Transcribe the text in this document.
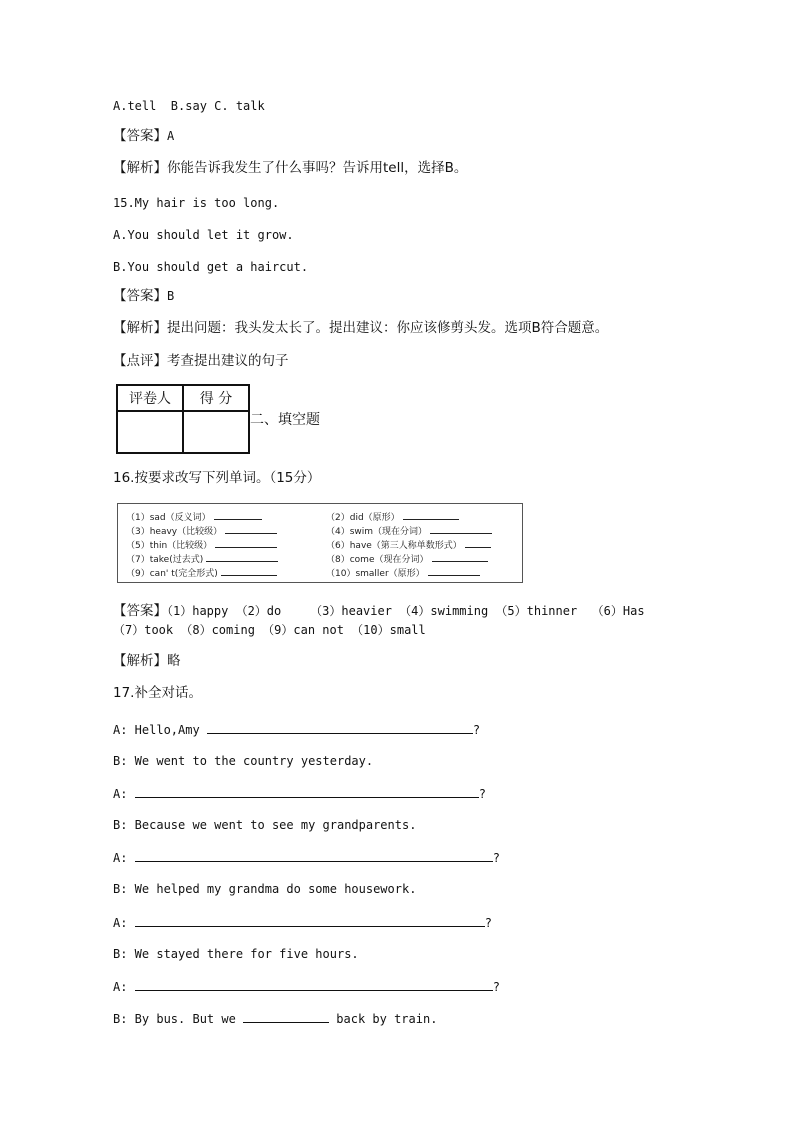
A.tell  B.say C. talk
【答案】A
【解析】你能告诉我发生了什么事吗？告诉用tell，选择B。
15.My hair is too long.
A.You should let it grow.
B.You should get a haircut.
【答案】B
【解析】提出问题：我头发太长了。提出建议：你应该修剪头发。选项B符合题意。
【点评】考查提出建议的句子
评卷人	得 分

二、填空题
16.按要求改写下列单词。（15分）
（1）sad（反义词）	（2）did（原形）
（3）heavy（比较级）	（4）swim（现在分词）
（5）thin（比较级）	（6）have（第三人称单数形式）
（7）take(过去式)	（8）come（现在分词）
（9）can' t(完全形式)	（10）smaller（原形）
【答案】（1）happy （2）do    （3）heavier （4）swimming （5）thinner  （6）Has
（7）took （8）coming （9）can not （10）small
【解析】略
17.补全对话。
A: Hello,Amy	?
B: We went to the country yesterday.
A:	?
B: Because we went to see my grandparents.
A:	?
B: We helped my grandma do some housework.
A:	?
B: We stayed there for five hours.
A:	?
B: By bus. But we	back by train.
